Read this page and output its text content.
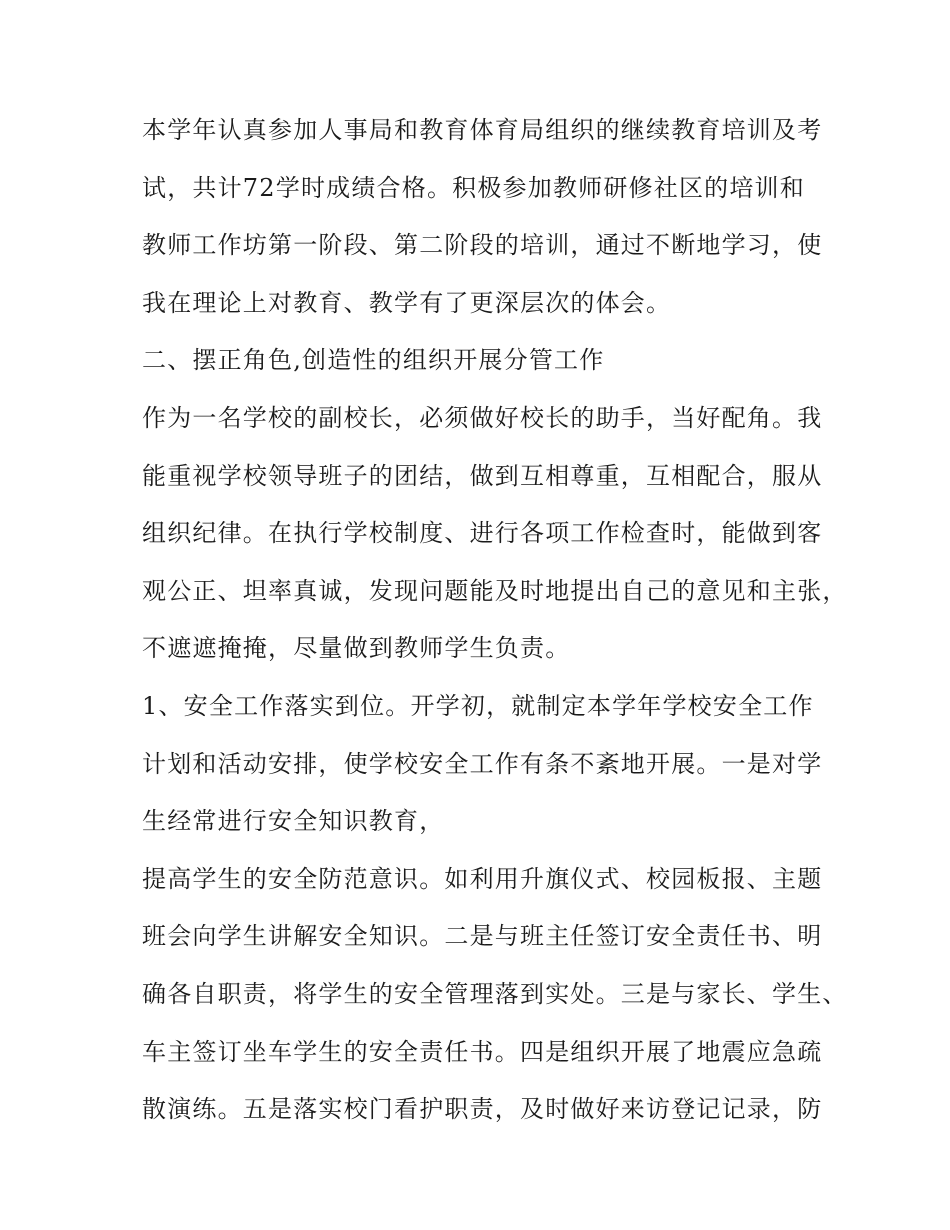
本学年认真参加人事局和教育体育局组织的继续教育培训及考
试，共计72学时成绩合格。积极参加教师研修社区的培训和
教师工作坊第一阶段、第二阶段的培训，通过不断地学习，使
我在理论上对教育、教学有了更深层次的体会。
二、摆正角色,创造性的组织开展分管工作
作为一名学校的副校长，必须做好校长的助手，当好配角。我
能重视学校领导班子的团结，做到互相尊重，互相配合，服从
组织纪律。在执行学校制度、进行各项工作检查时，能做到客
观公正、坦率真诚，发现问题能及时地提出自己的意见和主张，
不遮遮掩掩，尽量做到教师学生负责。
1、安全工作落实到位。开学初，就制定本学年学校安全工作
计划和活动安排，使学校安全工作有条不紊地开展。一是对学
生经常进行安全知识教育，
提高学生的安全防范意识。如利用升旗仪式、校园板报、主题
班会向学生讲解安全知识。二是与班主任签订安全责任书、明
确各自职责，将学生的安全管理落到实处。三是与家长、学生、
车主签订坐车学生的安全责任书。四是组织开展了地震应急疏
散演练。五是落实校门看护职责，及时做好来访登记记录，防
